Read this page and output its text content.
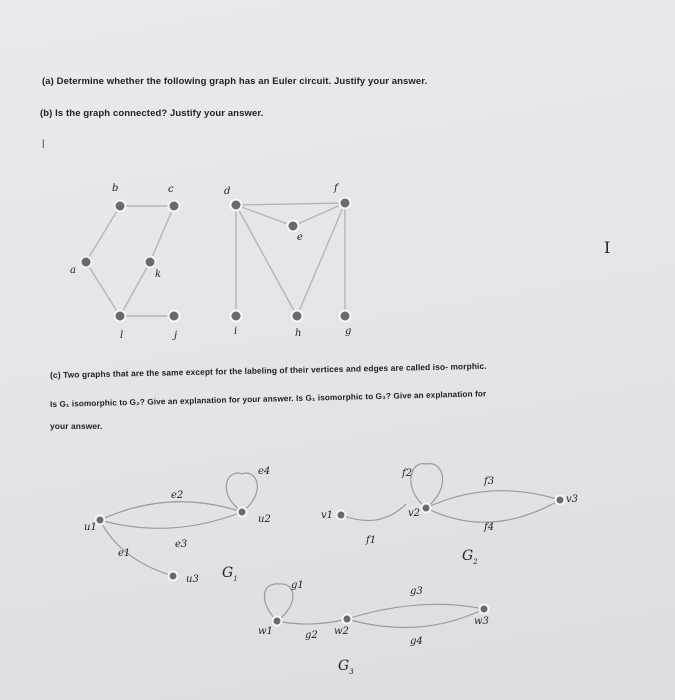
(a) Determine whether the following graph has an Euler circuit. Justify your answer.
(b) Is the graph connected? Justify your answer.
|
b	c	d	f
e
a	k
l	j	i	h	g
I
(c) Two graphs that are the same except for the labeling of their vertices and edges are called iso- morphic.
Is G₁ isomorphic to G₂? Give an explanation for your answer. Is G₁ isomorphic to G₃? Give an explanation for
your answer.
u1
u2
u3
e1
e2
e3
e4
$G_1$
v1	v2
v3
f1
f2
f3
f4
$G_2$
w1	w2
w3
g1
g2
g3
g4
$G_3$
